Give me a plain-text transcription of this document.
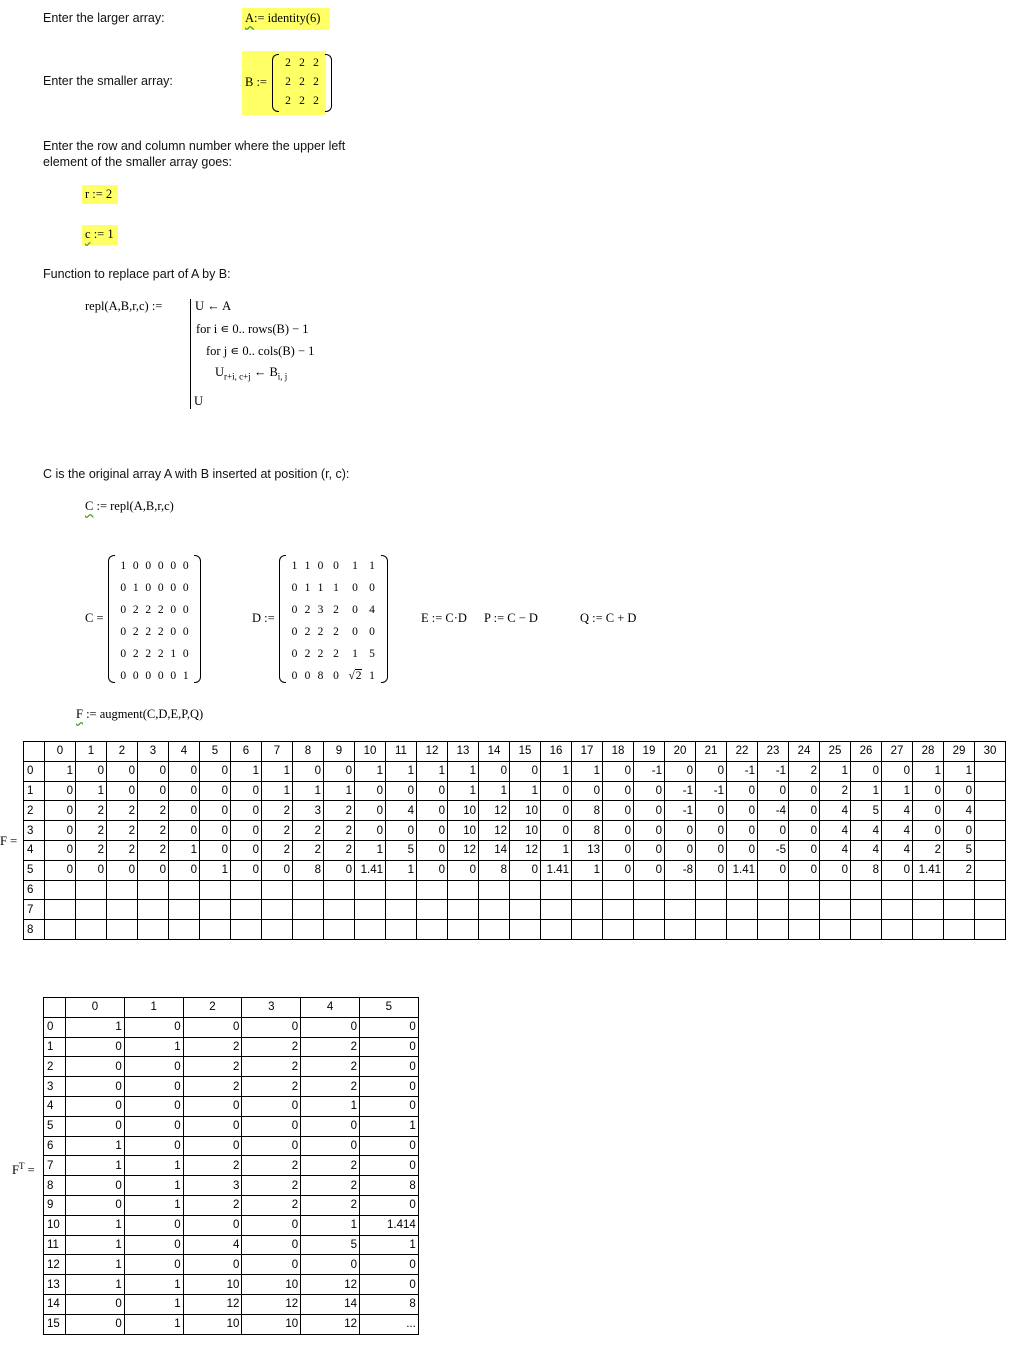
Enter the larger array:
Enter the smaller array:
Enter the row and column number where the upper left
element of the smaller array goes:
Function to replace part of A by B:
C is the original array A with B inserted at position (r, c):
A:= identity(6)
B :=
2 2 2
2 2 2
2 2 2
r := 2
c := 1
repl(A,B,r,c) :=	U ← A
for i ∊ 0.. rows(B) − 1
for j ∊ 0.. cols(B) − 1
$U_{r+i, c+j}$ ← $B_{i, j}$
U
C := repl(A,B,r,c)
C =
1 0 0 0 0 0
0 1 0 0 0 0
0 2 2 2 0 0
0 2 2 2 0 0
0 2 2 2 1 0
0 0 0 0 0 1
D :=
1 1 0 0	1 1
0 1 1 1	0 0
0 2 3 2	0 4
0 2 2 2	0 0
0 2 2 2	1 5
0 0 8 0 √2 1
E := C·D P := C − D	Q := C + D
F := augment(C,D,E,P,Q)
F =
	0	1	2	3	4	5	6	7	8	9	10	11	12	13	14	15	16	17	18	19	20	21	22	23	24	25	26	27	28	29	30
0	1	0	0	0	0	0	1	1	0	0	1	1	1	1	0	0	1	1	0	-1	0	0	-1	-1	2	1	0	0	1	1	
1	0	1	0	0	0	0	0	1	1	1	0	0	0	1	1	1	0	0	0	0	-1	-1	0	0	0	2	1	1	0	0	
2	0	2	2	2	0	0	0	2	3	2	0	4	0	10	12	10	0	8	0	0	-1	0	0	-4	0	4	5	4	0	4	
3	0	2	2	2	0	0	0	2	2	2	0	0	0	10	12	10	0	8	0	0	0	0	0	0	0	4	4	4	0	0	
4	0	2	2	2	1	0	0	2	2	2	1	5	0	12	14	12	1	13	0	0	0	0	0	-5	0	4	4	4	2	5	
5	0	0	0	0	0	1	0	0	8	0	1.41	1	0	0	8	0	1.41	1	0	0	-8	0	1.41	0	0	0	8	0	1.41	2	
6																															
7																															
8																															
$F^T$ =
	0	1	2	3	4	5
0	1	0	0	0	0	0
1	0	1	2	2	2	0
2	0	0	2	2	2	0
3	0	0	2	2	2	0
4	0	0	0	0	1	0
5	0	0	0	0	0	1
6	1	0	0	0	0	0
7	1	1	2	2	2	0
8	0	1	3	2	2	8
9	0	1	2	2	2	0
10	1	0	0	0	1	1.414
11	1	0	4	0	5	1
12	1	0	0	0	0	0
13	1	1	10	10	12	0
14	0	1	12	12	14	8
15	0	1	10	10	12	...
